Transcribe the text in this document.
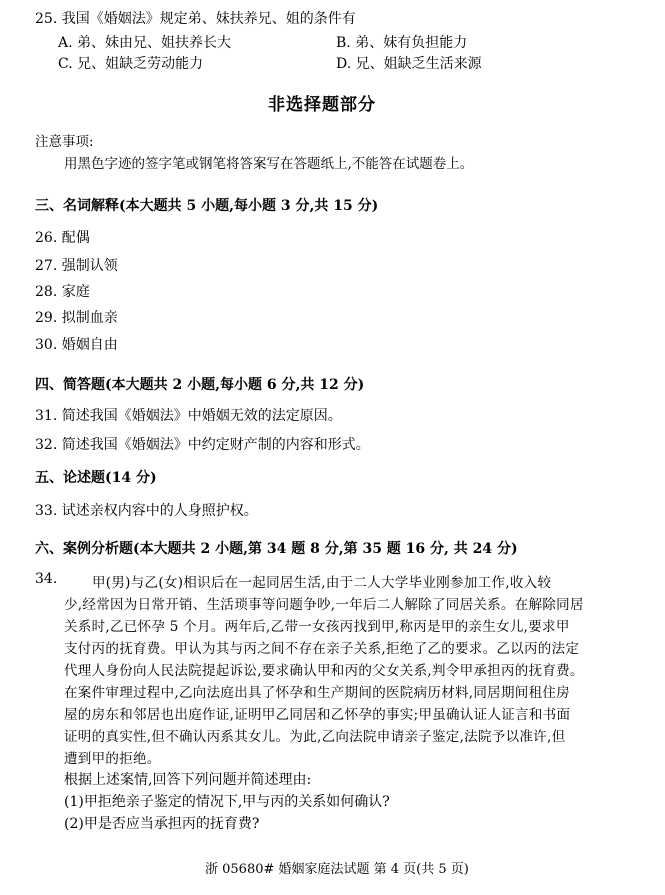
25. 我国《婚姻法》规定弟、妹扶养兄、姐的条件有
A. 弟、妹由兄、姐扶养长大	B. 弟、妹有负担能力
C. 兄、姐缺乏劳动能力	D. 兄、姐缺乏生活来源
非选择题部分
注意事项:
用黑色字迹的签字笔或钢笔将答案写在答题纸上,不能答在试题卷上。
三、名词解释(本大题共 5 小题,每小题 3 分,共 15 分)
26. 配偶
27. 强制认领
28. 家庭
29. 拟制血亲
30. 婚姻自由
四、简答题(本大题共 2 小题,每小题 6 分,共 12 分)
31. 简述我国《婚姻法》中婚姻无效的法定原因。
32. 简述我国《婚姻法》中约定财产制的内容和形式。
五、论述题(14 分)
33. 试述亲权内容中的人身照护权。
六、案例分析题(本大题共 2 小题,第 34 题 8 分,第 35 题 16 分, 共 24 分)
34.	甲(男)与乙(女)相识后在一起同居生活,由于二人大学毕业刚参加工作,收入较
少,经常因为日常开销、生活琐事等问题争吵,一年后二人解除了同居关系。在解除同居
关系时,乙已怀孕 5 个月。两年后,乙带一女孩丙找到甲,称丙是甲的亲生女儿,要求甲
支付丙的抚育费。甲认为其与丙之间不存在亲子关系,拒绝了乙的要求。乙以丙的法定
代理人身份向人民法院提起诉讼,要求确认甲和丙的父女关系,判令甲承担丙的抚育费。
在案件审理过程中,乙向法庭出具了怀孕和生产期间的医院病历材料,同居期间租住房
屋的房东和邻居也出庭作证,证明甲乙同居和乙怀孕的事实;甲虽确认证人证言和书面
证明的真实性,但不确认丙系其女儿。为此,乙向法院申请亲子鉴定,法院予以准许,但
遭到甲的拒绝。
根据上述案情,回答下列问题并简述理由:
(1)甲拒绝亲子鉴定的情况下,甲与丙的关系如何确认?
(2)甲是否应当承担丙的抚育费?
浙 05680# 婚姻家庭法试题 第 4 页(共 5 页)
